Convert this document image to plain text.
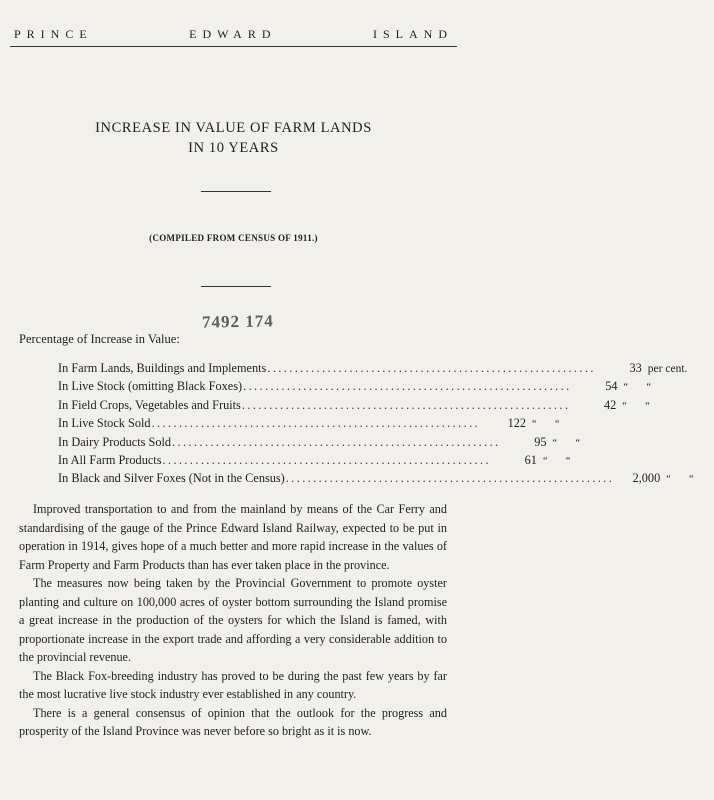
PRINCE	EDWARD	ISLAND
INCREASE IN VALUE OF FARM LANDS
IN 10 YEARS
(COMPILED FROM CENSUS OF 1911.)
7492 174
Percentage of Increase in Value:
In Farm Lands, Buildings and Implements ............................................................	33 per cent.
In Live Stock (omitting Black Foxes) ............................................................	54 “ “
In Field Crops, Vegetables and Fruits ............................................................	42 “ “
In Live Stock Sold ............................................................	122 “ “
In Dairy Products Sold ............................................................	95 “ “
In All Farm Products ............................................................	61 “ “
In Black and Silver Foxes (Not in the Census) ............................................................	2,000 “ “

Improved transportation to and from the mainland by means of the Car Ferry and standardising of the gauge of the Prince Edward Island Railway, expected to be put in operation in 1914, gives hope of a much better and more rapid increase in the values of Farm Property and Farm Products than has ever taken place in the province.

The measures now being taken by the Provincial Government to promote oyster planting and culture on 100,000 acres of oyster bottom surrounding the Island promise a great increase in the production of the oysters for which the Island is famed, with proportionate increase in the export trade and affording a very considerable addition to the provincial revenue.

The Black Fox-breeding industry has proved to be during the past few years by far the most lucrative live stock industry ever established in any country.

There is a general consensus of opinion that the outlook for the progress and prosperity of the Island Province was never before so bright as it is now.
